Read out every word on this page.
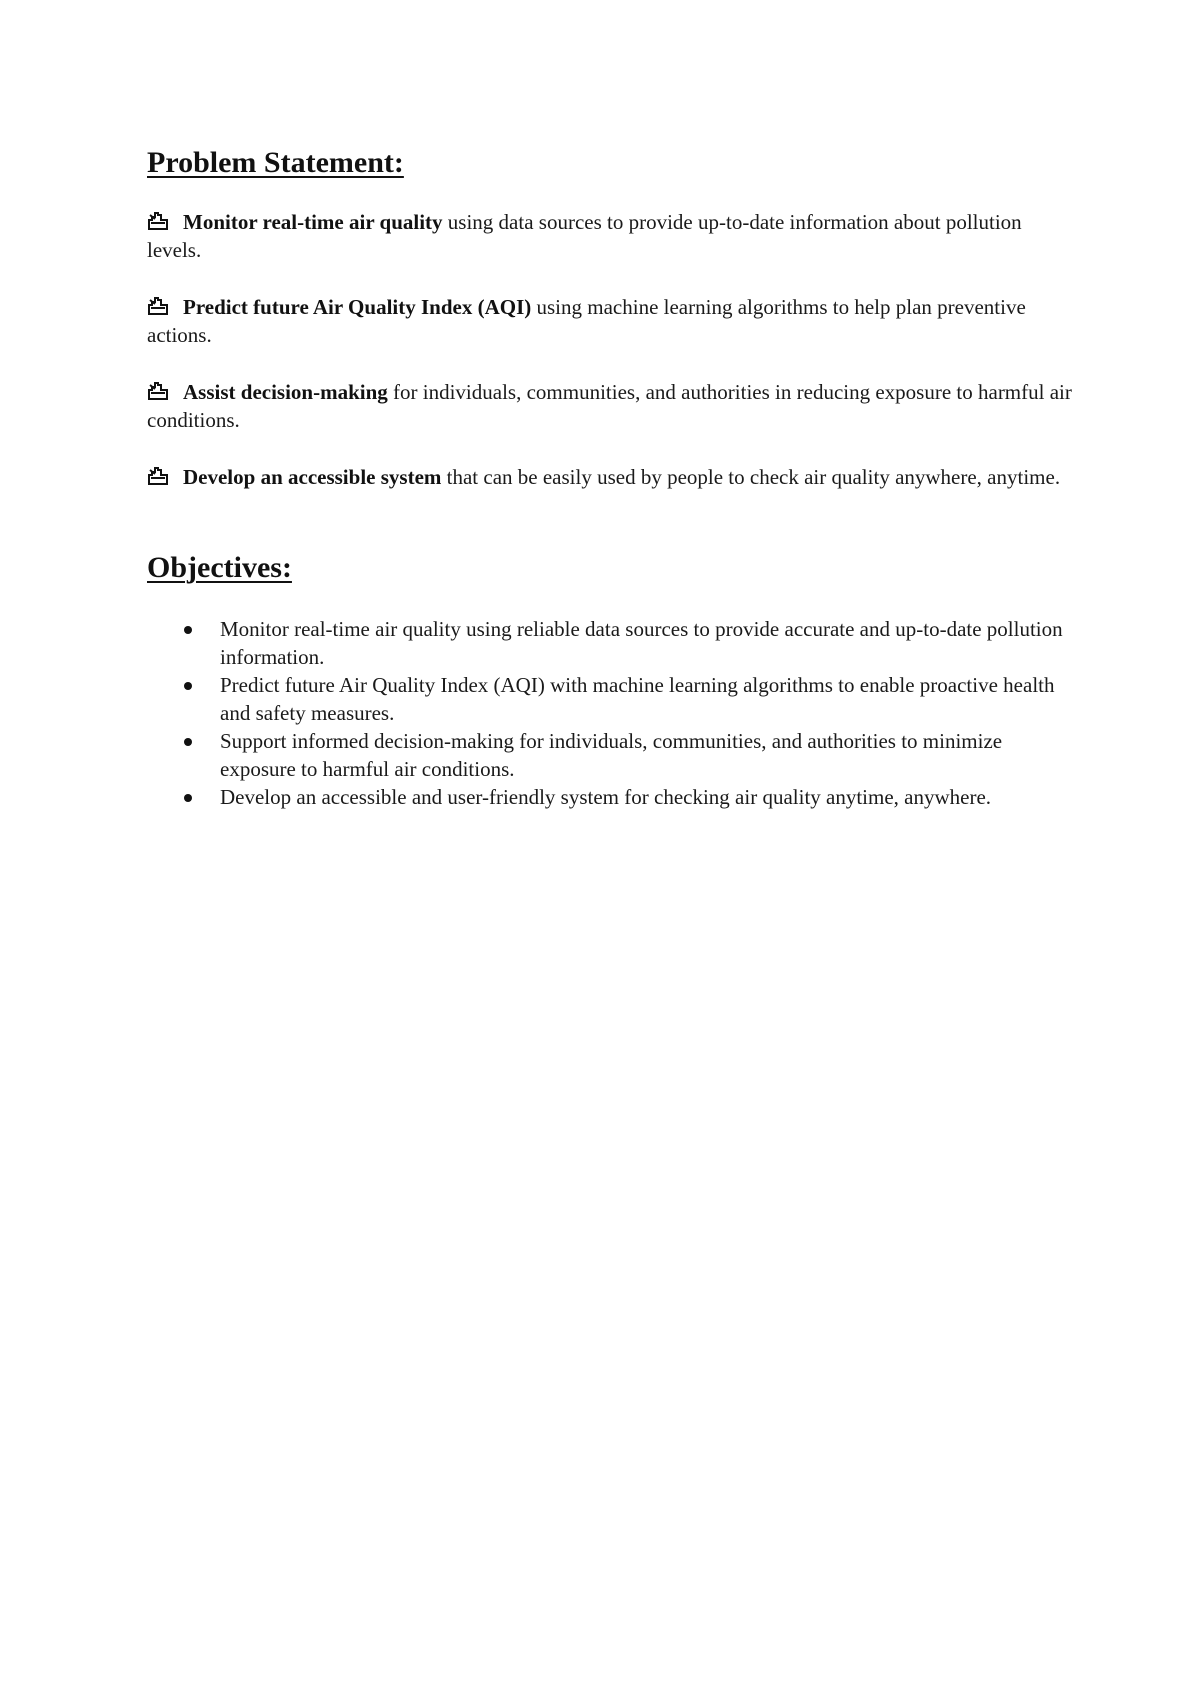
Problem Statement:

Monitor real-time air quality using data sources to provide up-to-date information about pollution levels.

Predict future Air Quality Index (AQI) using machine learning algorithms to help plan preventive actions.

Assist decision-making for individuals, communities, and authorities in reducing exposure to harmful air conditions.

Develop an accessible system that can be easily used by people to check air quality anywhere, anytime.

Objectives:
Monitor real-time air quality using reliable data sources to provide accurate and up-to-date pollution information.
Predict future Air Quality Index (AQI) with machine learning algorithms to enable proactive health and safety measures.
Support informed decision-making for individuals, communities, and authorities to minimize exposure to harmful air conditions.
Develop an accessible and user-friendly system for checking air quality anytime, anywhere.
